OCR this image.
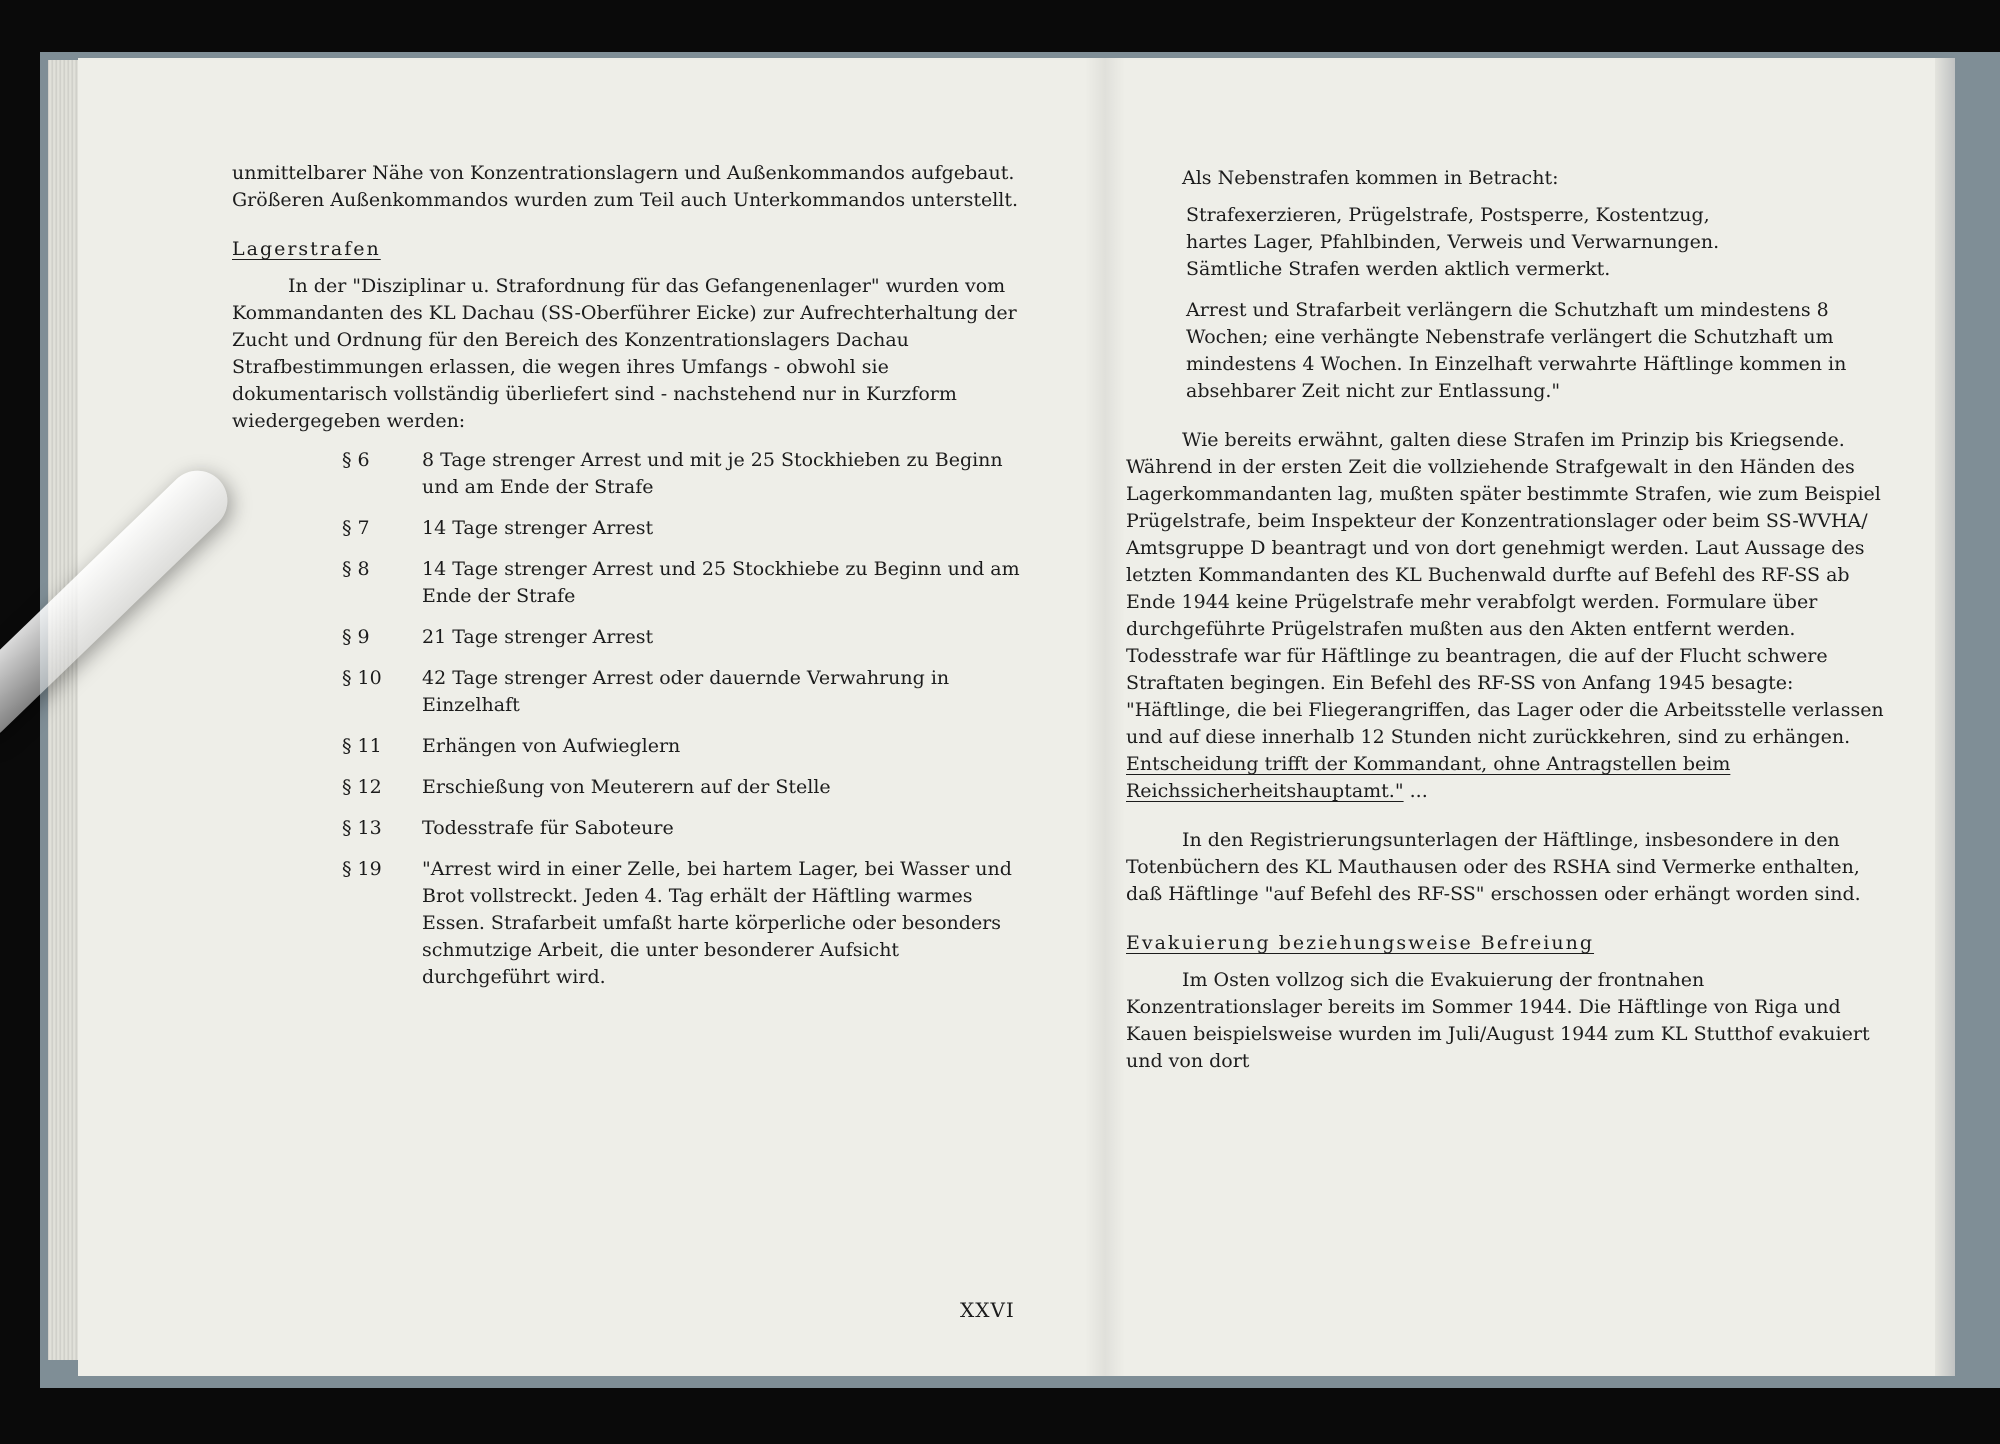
unmittelbarer Nähe von Konzentrationslagern und Außenkommandos aufgebaut.

Größeren Außenkommandos wurden zum Teil auch Unterkommandos unterstellt.

Lagerstrafen

In der "Disziplinar u. Strafordnung für das Gefangenenlager" wurden vom Kommandanten des KL Dachau (SS-Oberführer Eicke) zur Aufrechterhaltung der Zucht und Ordnung für den Bereich des Konzentrationslagers Dachau Strafbestimmungen erlassen, die wegen ihres Umfangs - obwohl sie dokumentarisch vollständig überliefert sind - nachstehend nur in Kurzform wiedergegeben werden:

§ 6	8 Tage strenger Arrest und mit je 25 Stockhieben zu Beginn und am Ende der Strafe
§ 7	14 Tage strenger Arrest
§ 8	14 Tage strenger Arrest und 25 Stockhiebe zu Beginn und am Ende der Strafe
§ 9	21 Tage strenger Arrest
§ 10	42 Tage strenger Arrest oder dauernde Verwahrung in Einzelhaft
§ 11	Erhängen von Aufwieglern
§ 12	Erschießung von Meuterern auf der Stelle
§ 13	Todesstrafe für Saboteure
§ 19	"Arrest wird in einer Zelle, bei hartem Lager, bei Wasser und Brot vollstreckt. Jeden 4. Tag erhält der Häftling warmes Essen. Strafarbeit umfaßt harte körperliche oder besonders schmutzige Arbeit, die unter besonderer Aufsicht durchgeführt wird.

Als Nebenstrafen kommen in Betracht:

Strafexerzieren, Prügelstrafe, Postsperre, Kostentzug,

hartes Lager, Pfahlbinden, Verweis und Verwarnungen.

Sämtliche Strafen werden aktlich vermerkt.

Arrest und Strafarbeit verlängern die Schutzhaft um mindestens 8 Wochen; eine verhängte Nebenstrafe verlängert die Schutzhaft um mindestens 4 Wochen. In Einzelhaft verwahrte Häftlinge kommen in absehbarer Zeit nicht zur Entlassung."

Wie bereits erwähnt, galten diese Strafen im Prinzip bis Kriegsende. Während in der ersten Zeit die vollziehende Strafgewalt in den Händen des Lagerkommandanten lag, mußten später bestimmte Strafen, wie zum Beispiel Prügelstrafe, beim Inspekteur der Konzentrationslager oder beim SS-WVHA/ Amtsgruppe D beantragt und von dort genehmigt werden. Laut Aussage des letzten Kommandanten des KL Buchenwald durfte auf Befehl des RF-SS ab Ende 1944 keine Prügelstrafe mehr verabfolgt werden. Formulare über durchgeführte Prügelstrafen mußten aus den Akten entfernt werden. Todesstrafe war für Häftlinge zu beantragen, die auf der Flucht schwere Straftaten begingen. Ein Befehl des RF-SS von Anfang 1945 besagte: "Häftlinge, die bei Fliegerangriffen, das Lager oder die Arbeitsstelle verlassen und auf diese innerhalb 12 Stunden nicht zurückkehren, sind zu erhängen. Entscheidung trifft der Kommandant, ohne Antragstellen beim Reichssicherheitshauptamt." ...

In den Registrierungsunterlagen der Häftlinge, insbesondere in den Totenbüchern des KL Mauthausen oder des RSHA sind Vermerke enthalten, daß Häftlinge "auf Befehl des RF-SS" erschossen oder erhängt worden sind.

Evakuierung beziehungsweise Befreiung

Im Osten vollzog sich die Evakuierung der frontnahen Konzentrationslager bereits im Sommer 1944. Die Häftlinge von Riga und Kauen beispielsweise wurden im Juli/August 1944 zum KL Stutthof evakuiert und von dort

XXVI
